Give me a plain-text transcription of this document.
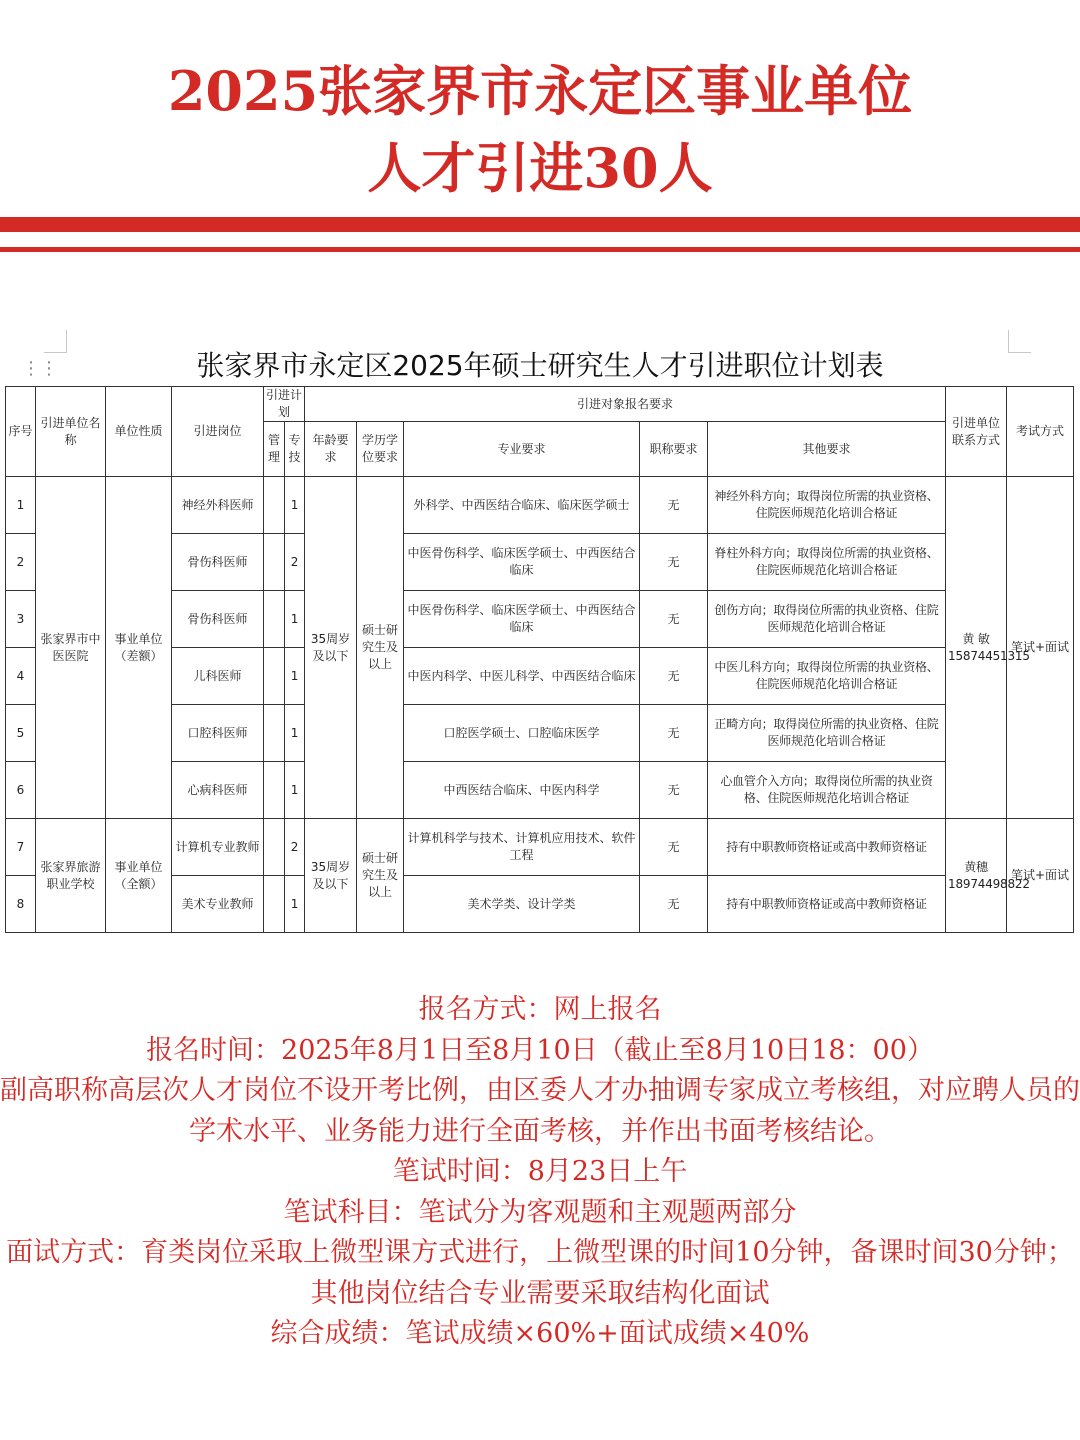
2025张家界市永定区事业单位
人才引进30人
⋮⋮	张家界市永定区2025年硕士研究生人才引进职位计划表
序号	引进单位名称	单位性质	引进岗位	引进计划		引进对象报名要求					引进单位联系方式	考试方式
				管理	专技	年龄要求	学历学位要求	专业要求	职称要求	其他要求		
1	张家界市中医医院	事业单位（差额）	神经外科医师		1	35周岁及以下	硕士研究生及以上	外科学、中西医结合临床、临床医学硕士	无	神经外科方向；取得岗位所需的执业资格、住院医师规范化培训合格证	黄 敏 15874451315	笔试+面试
2			骨伤科医师		2			中医骨伤科学、临床医学硕士、中西医结合临床	无	脊柱外科方向；取得岗位所需的执业资格、住院医师规范化培训合格证		
3			骨伤科医师		1			中医骨伤科学、临床医学硕士、中西医结合临床	无	创伤方向；取得岗位所需的执业资格、住院医师规范化培训合格证		
4			儿科医师		1			中医内科学、中医儿科学、中西医结合临床	无	中医儿科方向；取得岗位所需的执业资格、住院医师规范化培训合格证		
5			口腔科医师		1			口腔医学硕士、口腔临床医学	无	正畸方向；取得岗位所需的执业资格、住院医师规范化培训合格证		
6			心病科医师		1			中西医结合临床、中医内科学	无	心血管介入方向；取得岗位所需的执业资格、住院医师规范化培训合格证		
7	张家界旅游职业学校	事业单位（全额）	计算机专业教师		2	35周岁及以下	硕士研究生及以上	计算机科学与技术、计算机应用技术、软件工程	无	持有中职教师资格证或高中教师资格证	黄穗 18974498822	笔试+面试
8			美术专业教师		1			美术学类、设计学类	无	持有中职教师资格证或高中教师资格证		

报名方式：网上报名

报名时间：2025年8月1日至8月10日（截止至8月10日18：00）

副高职称高层次人才岗位不设开考比例，由区委人才办抽调专家成立考核组，对应聘人员的学术水平、业务能力进行全面考核，并作出书面考核结论。

笔试时间：8月23日上午

笔试科目：笔试分为客观题和主观题两部分

面试方式：育类岗位采取上微型课方式进行，上微型课的时间10分钟，备课时间30分钟；其他岗位结合专业需要采取结构化面试

综合成绩：笔试成绩×60%+面试成绩×40%
